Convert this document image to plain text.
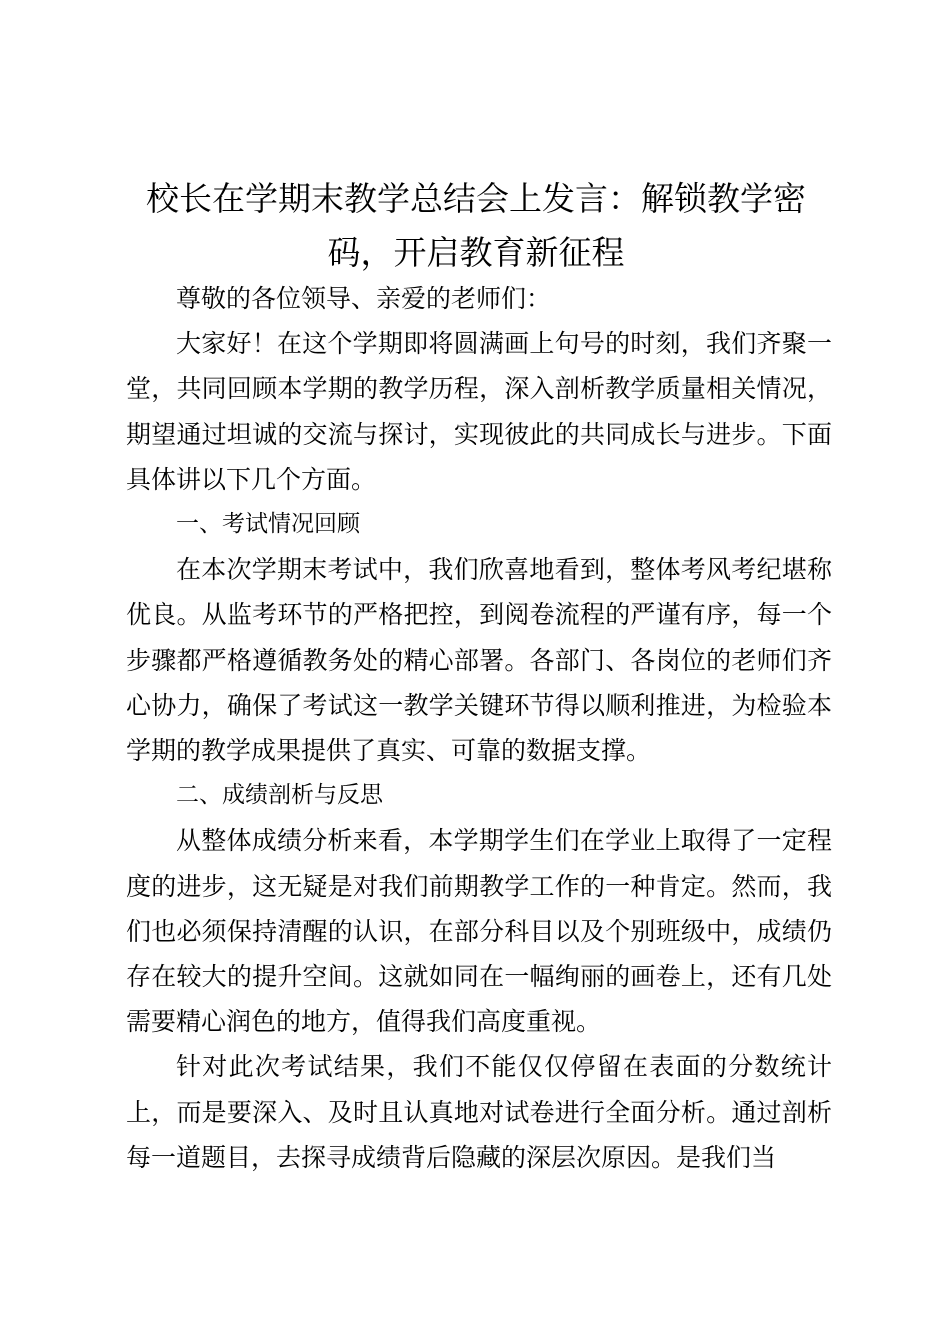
校长在学期末教学总结会上发言：解锁教学密码，开启教育新征程

尊敬的各位领导、亲爱的老师们：

大家好！在这个学期即将圆满画上句号的时刻，我们齐聚一堂，共同回顾本学期的教学历程，深入剖析教学质量相关情况，期望通过坦诚的交流与探讨，实现彼此的共同成长与进步。下面具体讲以下几个方面。

一、考试情况回顾

在本次学期末考试中，我们欣喜地看到，整体考风考纪堪称优良。从监考环节的严格把控，到阅卷流程的严谨有序，每一个步骤都严格遵循教务处的精心部署。各部门、各岗位的老师们齐心协力，确保了考试这一教学关键环节得以顺利推进，为检验本学期的教学成果提供了真实、可靠的数据支撑。

二、成绩剖析与反思

从整体成绩分析来看，本学期学生们在学业上取得了一定程度的进步，这无疑是对我们前期教学工作的一种肯定。然而，我们也必须保持清醒的认识，在部分科目以及个别班级中，成绩仍存在较大的提升空间。这就如同在一幅绚丽的画卷上，还有几处需要精心润色的地方，值得我们高度重视。

针对此次考试结果，我们不能仅仅停留在表面的分数统计上，而是要深入、及时且认真地对试卷进行全面分析。通过剖析每一道题目，去探寻成绩背后隐藏的深层次原因。是我们当
